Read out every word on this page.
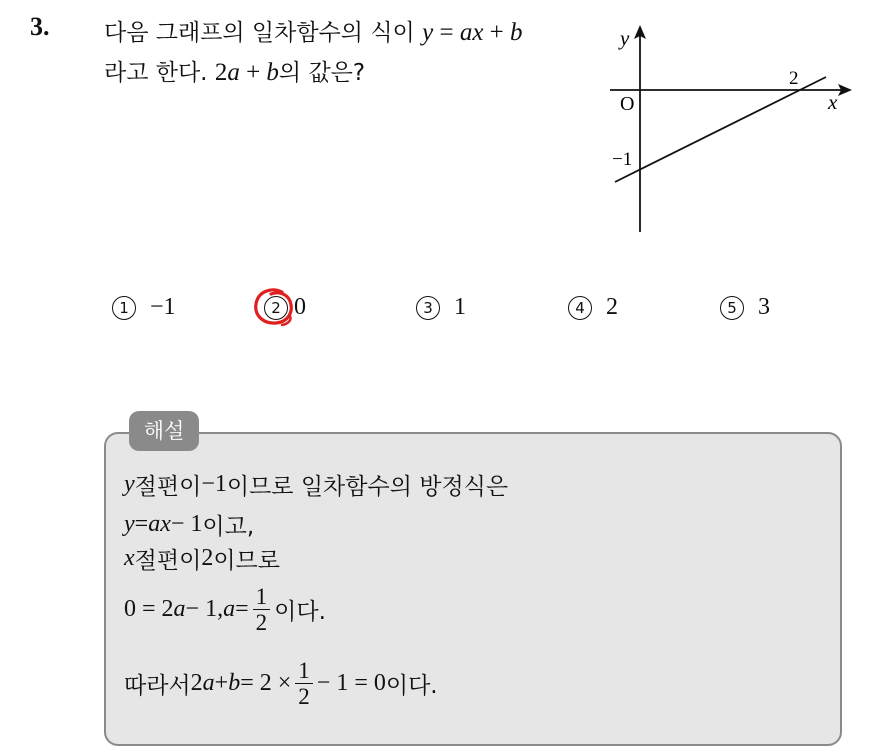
3. 다음 그래프의 일차함수의 식이 y = ax + b
라고 한다. 2a + b의 값은?
y
x
O
2
−1
1 −1	2 0	3 1	4 2	5 3
해설
y 절편이 −1 이므로 일차함수의 방정식은
y = a x − 1 이고,
x 절편이 2 이므로
0 = 2 a − 1, $a = \frac{1}{2}$ 이다.
따라서 2 $a + b = 2 \times \frac{1}{2} - 1 = 0$ 이다.
